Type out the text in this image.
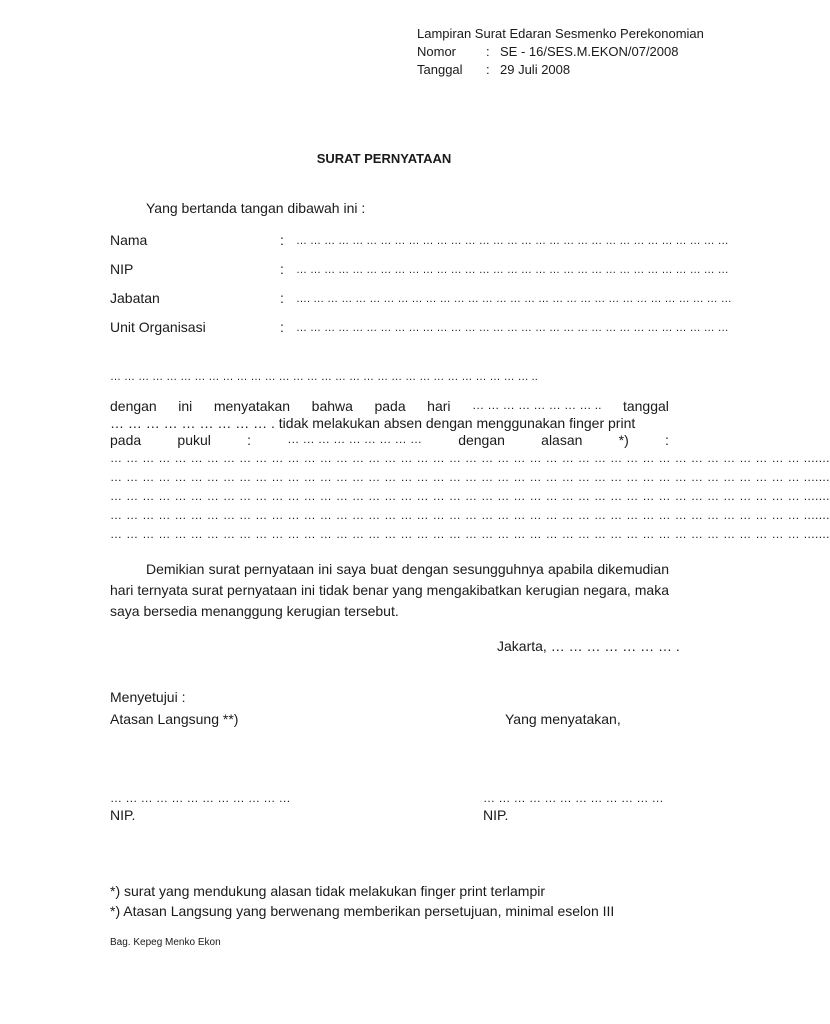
Lampiran Surat Edaran Sesmenko Perekonomian
Nomor : SE - 16/SES.M.EKON/07/2008
Tanggal : 29 Juli 2008
SURAT PERNYATAAN
Yang bertanda tangan dibawah ini :
Nama	: … … … … … … … … … … … … … … … … … … … … … … … … … … … … … … …
NIP	: … … … … … … … … … … … … … … … … … … … … … … … … … … … … … … …
Jabatan	: …. … … … … … … … … … … … … … … … … … … … … … … … … … … … … … …
Unit Organisasi	: … … … … … … … … … … … … … … … … … … … … … … … … … … … … … … …
… … … … … … … … … … … … … … … … … … … … … … … … … … … … … … ..
dengan ini menyatakan bahwa pada hari … … … … … … … … .. tanggal
… … … … … … … … … . tidak melakukan absen dengan menggunakan finger print
pada	pukul	:	… … … … … … … … …	dengan	alasan	*)	:
… … … … … … … … … … … … … … … … … … … … … … … … … … … … … … … … … … … … … … … … … … … .......
… … … … … … … … … … … … … … … … … … … … … … … … … … … … … … … … … … … … … … … … … … … .......
… … … … … … … … … … … … … … … … … … … … … … … … … … … … … … … … … … … … … … … … … … … .......
… … … … … … … … … … … … … … … … … … … … … … … … … … … … … … … … … … … … … … … … … … … .......
… … … … … … … … … … … … … … … … … … … … … … … … … … … … … … … … … … … … … … … … … … … .......
Demikian surat pernyataan ini saya buat dengan sesungguhnya apabila dikemudian hari ternyata surat pernyataan ini tidak benar yang mengakibatkan kerugian negara, maka saya bersedia menanggung kerugian tersebut.
Jakarta, … … … … … … … .
Menyetujui :
Atasan Langsung **)	Yang menyatakan,
… … … … … … … … … … … …	… … … … … … … … … … … …
NIP.	NIP.
*) surat yang mendukung alasan tidak melakukan finger print terlampir
*) Atasan Langsung yang berwenang memberikan persetujuan, minimal eselon III
Bag. Kepeg Menko Ekon
